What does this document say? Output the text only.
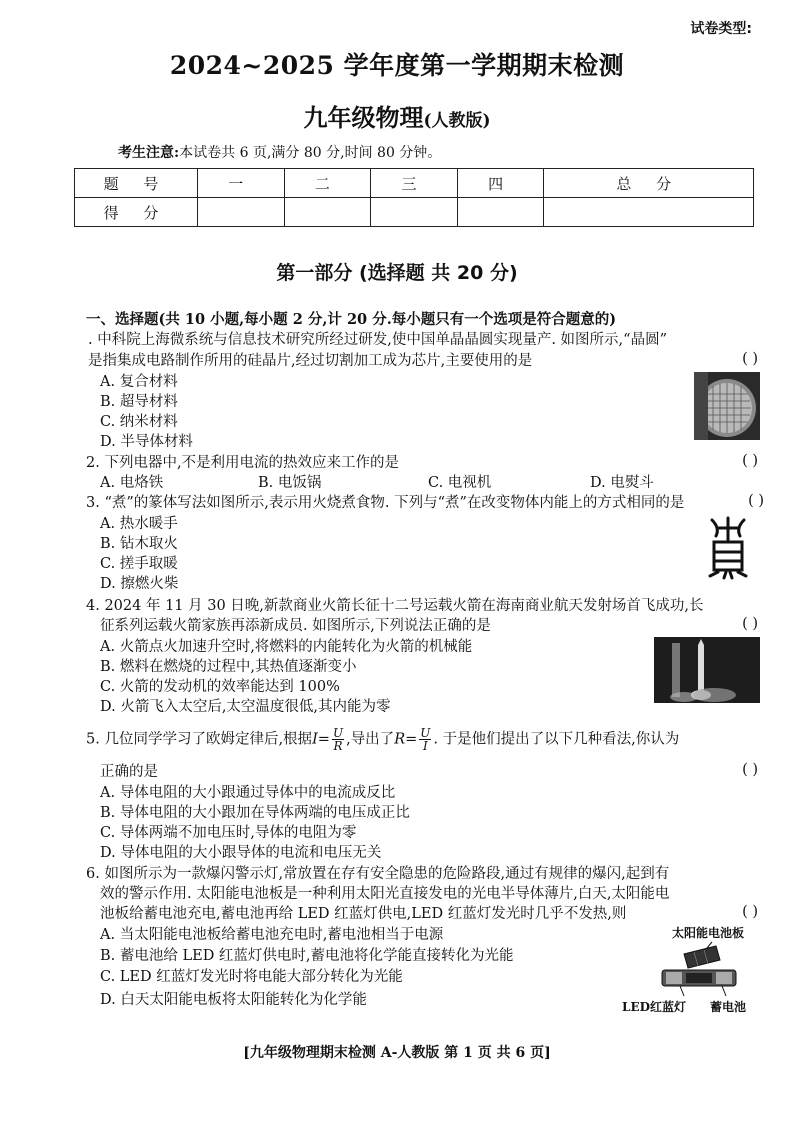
试卷类型:
2024~2025 学年度第一学期期末检测
九年级物理(人教版)
考生注意:本试卷共 6 页,满分 80 分,时间 80 分钟。
题 号	一	二	三	四	总 分
得 分					
第一部分 (选择题 共 20 分)
一、选择题(共 10 小题,每小题 2 分,计 20 分.每小题只有一个选项是符合题意的)
. 中科院上海微系统与信息技术研究所经过研发,使中国单晶晶圆实现量产. 如图所示,“晶圆”
是指集成电路制作所用的硅晶片,经过切割加工成为芯片,主要使用的是	( )
A. 复合材料
B. 超导材料
C. 纳米材料
D. 半导体材料
2. 下列电器中,不是利用电流的热效应来工作的是	( )
A. 电烙铁	B. 电饭锅	C. 电视机	D. 电熨斗
3. “煮”的篆体写法如图所示,表示用火烧煮食物. 下列与“煮”在改变物体内能上的方式相同的是	( )
A. 热水暖手
B. 钻木取火
C. 搓手取暖
D. 擦燃火柴
4. 2024 年 11 月 30 日晚,新款商业火箭长征十二号运载火箭在海南商业航天发射场首飞成功,长
征系列运载火箭家族再添新成员. 如图所示,下列说法正确的是	( )
A. 火箭点火加速升空时,将燃料的内能转化为火箭的机械能
B. 燃料在燃烧的过程中,其热值逐渐变小
C. 火箭的发动机的效率能达到 100%
D. 火箭飞入太空后,太空温度很低,其内能为零
5. 几位同学学习了欧姆定律后,根据$I= \frac{U}{R}$ ,导出了$R= \frac{U}{I}$ . 于是他们提出了以下几种看法,你认为
正确的是	( )
A. 导体电阻的大小跟通过导体中的电流成反比
B. 导体电阻的大小跟加在导体两端的电压成正比
C. 导体两端不加电压时,导体的电阻为零
D. 导体电阻的大小跟导体的电流和电压无关
6. 如图所示为一款爆闪警示灯,常放置在存有安全隐患的危险路段,通过有规律的爆闪,起到有
效的警示作用. 太阳能电池板是一种利用太阳光直接发电的光电半导体薄片,白天,太阳能电
池板给蓄电池充电,蓄电池再给 LED 红蓝灯供电,LED 红蓝灯发光时几乎不发热,则	( )
A. 当太阳能电池板给蓄电池充电时,蓄电池相当于电源
B. 蓄电池给 LED 红蓝灯供电时,蓄电池将化学能直接转化为光能
C. LED 红蓝灯发光时将电能大部分转化为光能
D. 白天太阳能电板将太阳能转化为化学能
太阳能电池板
LED红蓝灯 蓄电池
[九年级物理期末检测 A-人教版 第 1 页 共 6 页]
